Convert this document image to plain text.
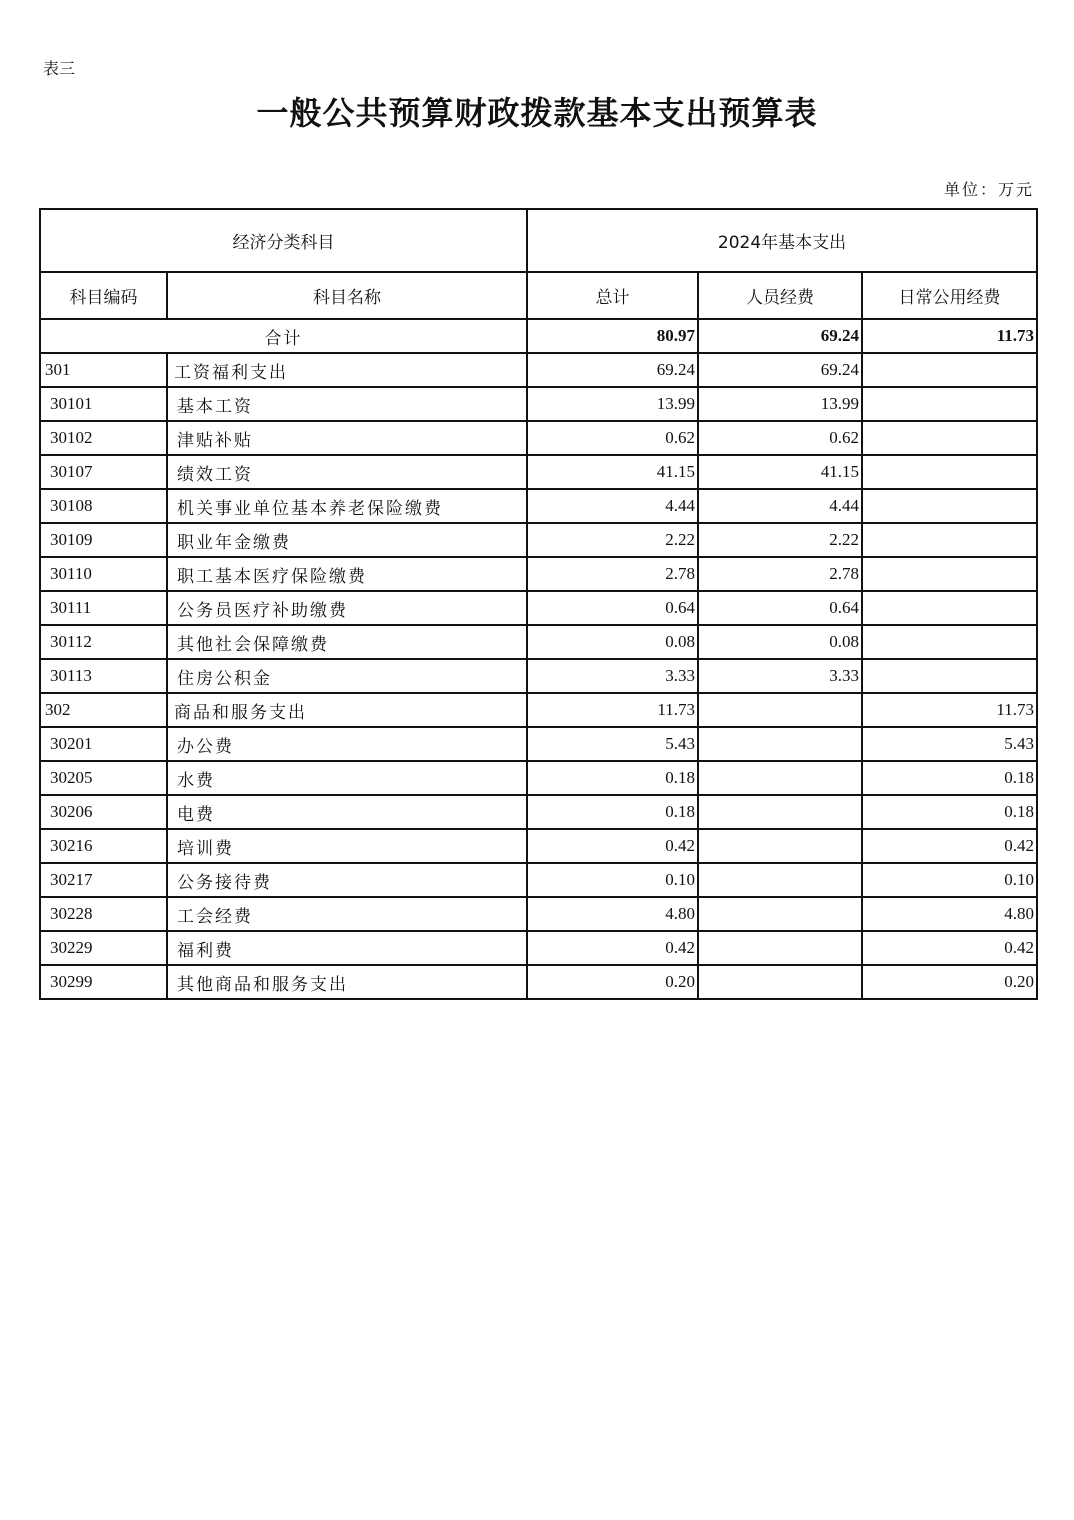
表三
一般公共预算财政拨款基本支出预算表
单位：万元
经济分类科目		2024年基本支出		
科目编码	科目名称	总计	人员经费	日常公用经费
合计		80.97	69.24	11.73
301	工资福利支出	69.24	69.24	
30101	基本工资	13.99	13.99	
30102	津贴补贴	0.62	0.62	
30107	绩效工资	41.15	41.15	
30108	机关事业单位基本养老保险缴费	4.44	4.44	
30109	职业年金缴费	2.22	2.22	
30110	职工基本医疗保险缴费	2.78	2.78	
30111	公务员医疗补助缴费	0.64	0.64	
30112	其他社会保障缴费	0.08	0.08	
30113	住房公积金	3.33	3.33	
302	商品和服务支出	11.73		11.73
30201	办公费	5.43		5.43
30205	水费	0.18		0.18
30206	电费	0.18		0.18
30216	培训费	0.42		0.42
30217	公务接待费	0.10		0.10
30228	工会经费	4.80		4.80
30229	福利费	0.42		0.42
30299	其他商品和服务支出	0.20		0.20
